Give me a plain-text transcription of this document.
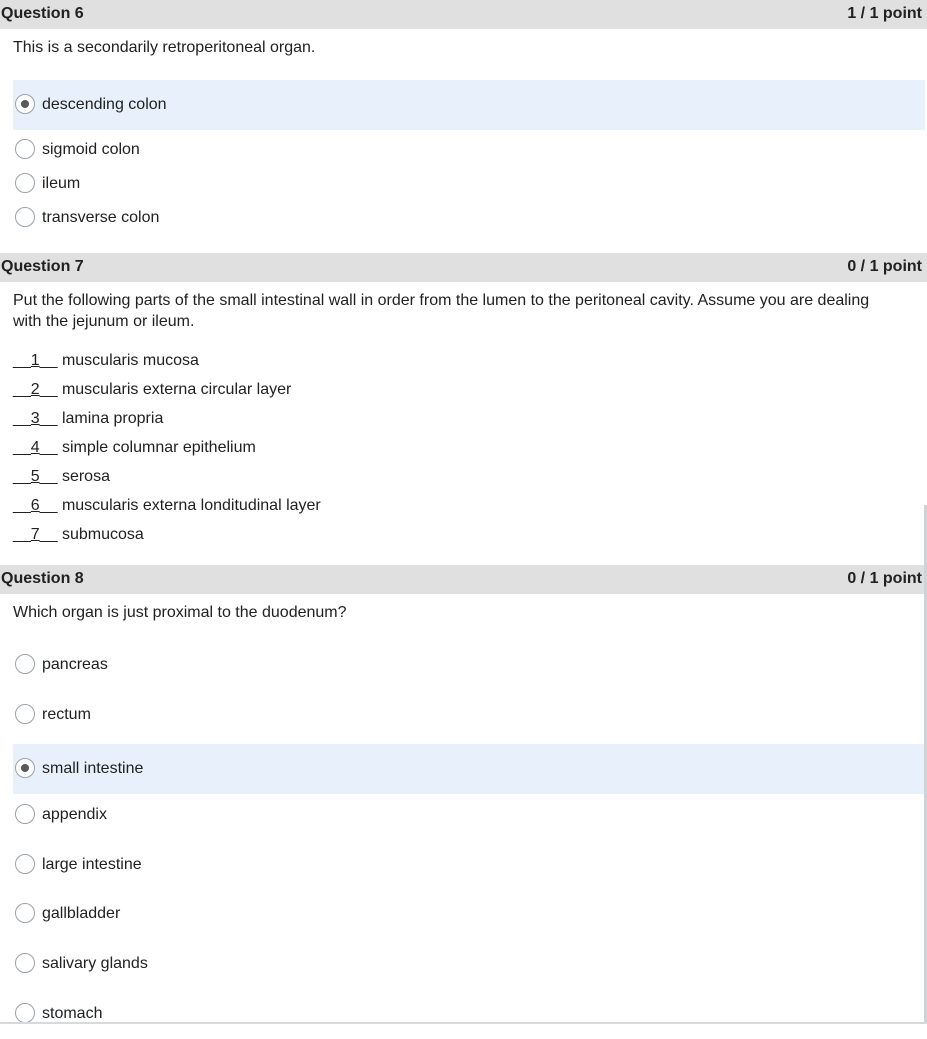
Question 6	1 / 1 point
This is a secondarily retroperitoneal organ.
descending colon
sigmoid colon
ileum
transverse colon
Question 7	0 / 1 point
Put the following parts of the small intestinal wall in order from the lumen to the peritoneal cavity. Assume you are dealing with the jejunum or ileum.
__1__ muscularis mucosa
__2__ muscularis externa circular layer
__3__ lamina propria
__4__ simple columnar epithelium
__5__ serosa
__6__ muscularis externa londitudinal layer
__7__ submucosa
Question 8	0 / 1 point
Which organ is just proximal to the duodenum?
pancreas
rectum
small intestine
appendix
large intestine
gallbladder
salivary glands
stomach
